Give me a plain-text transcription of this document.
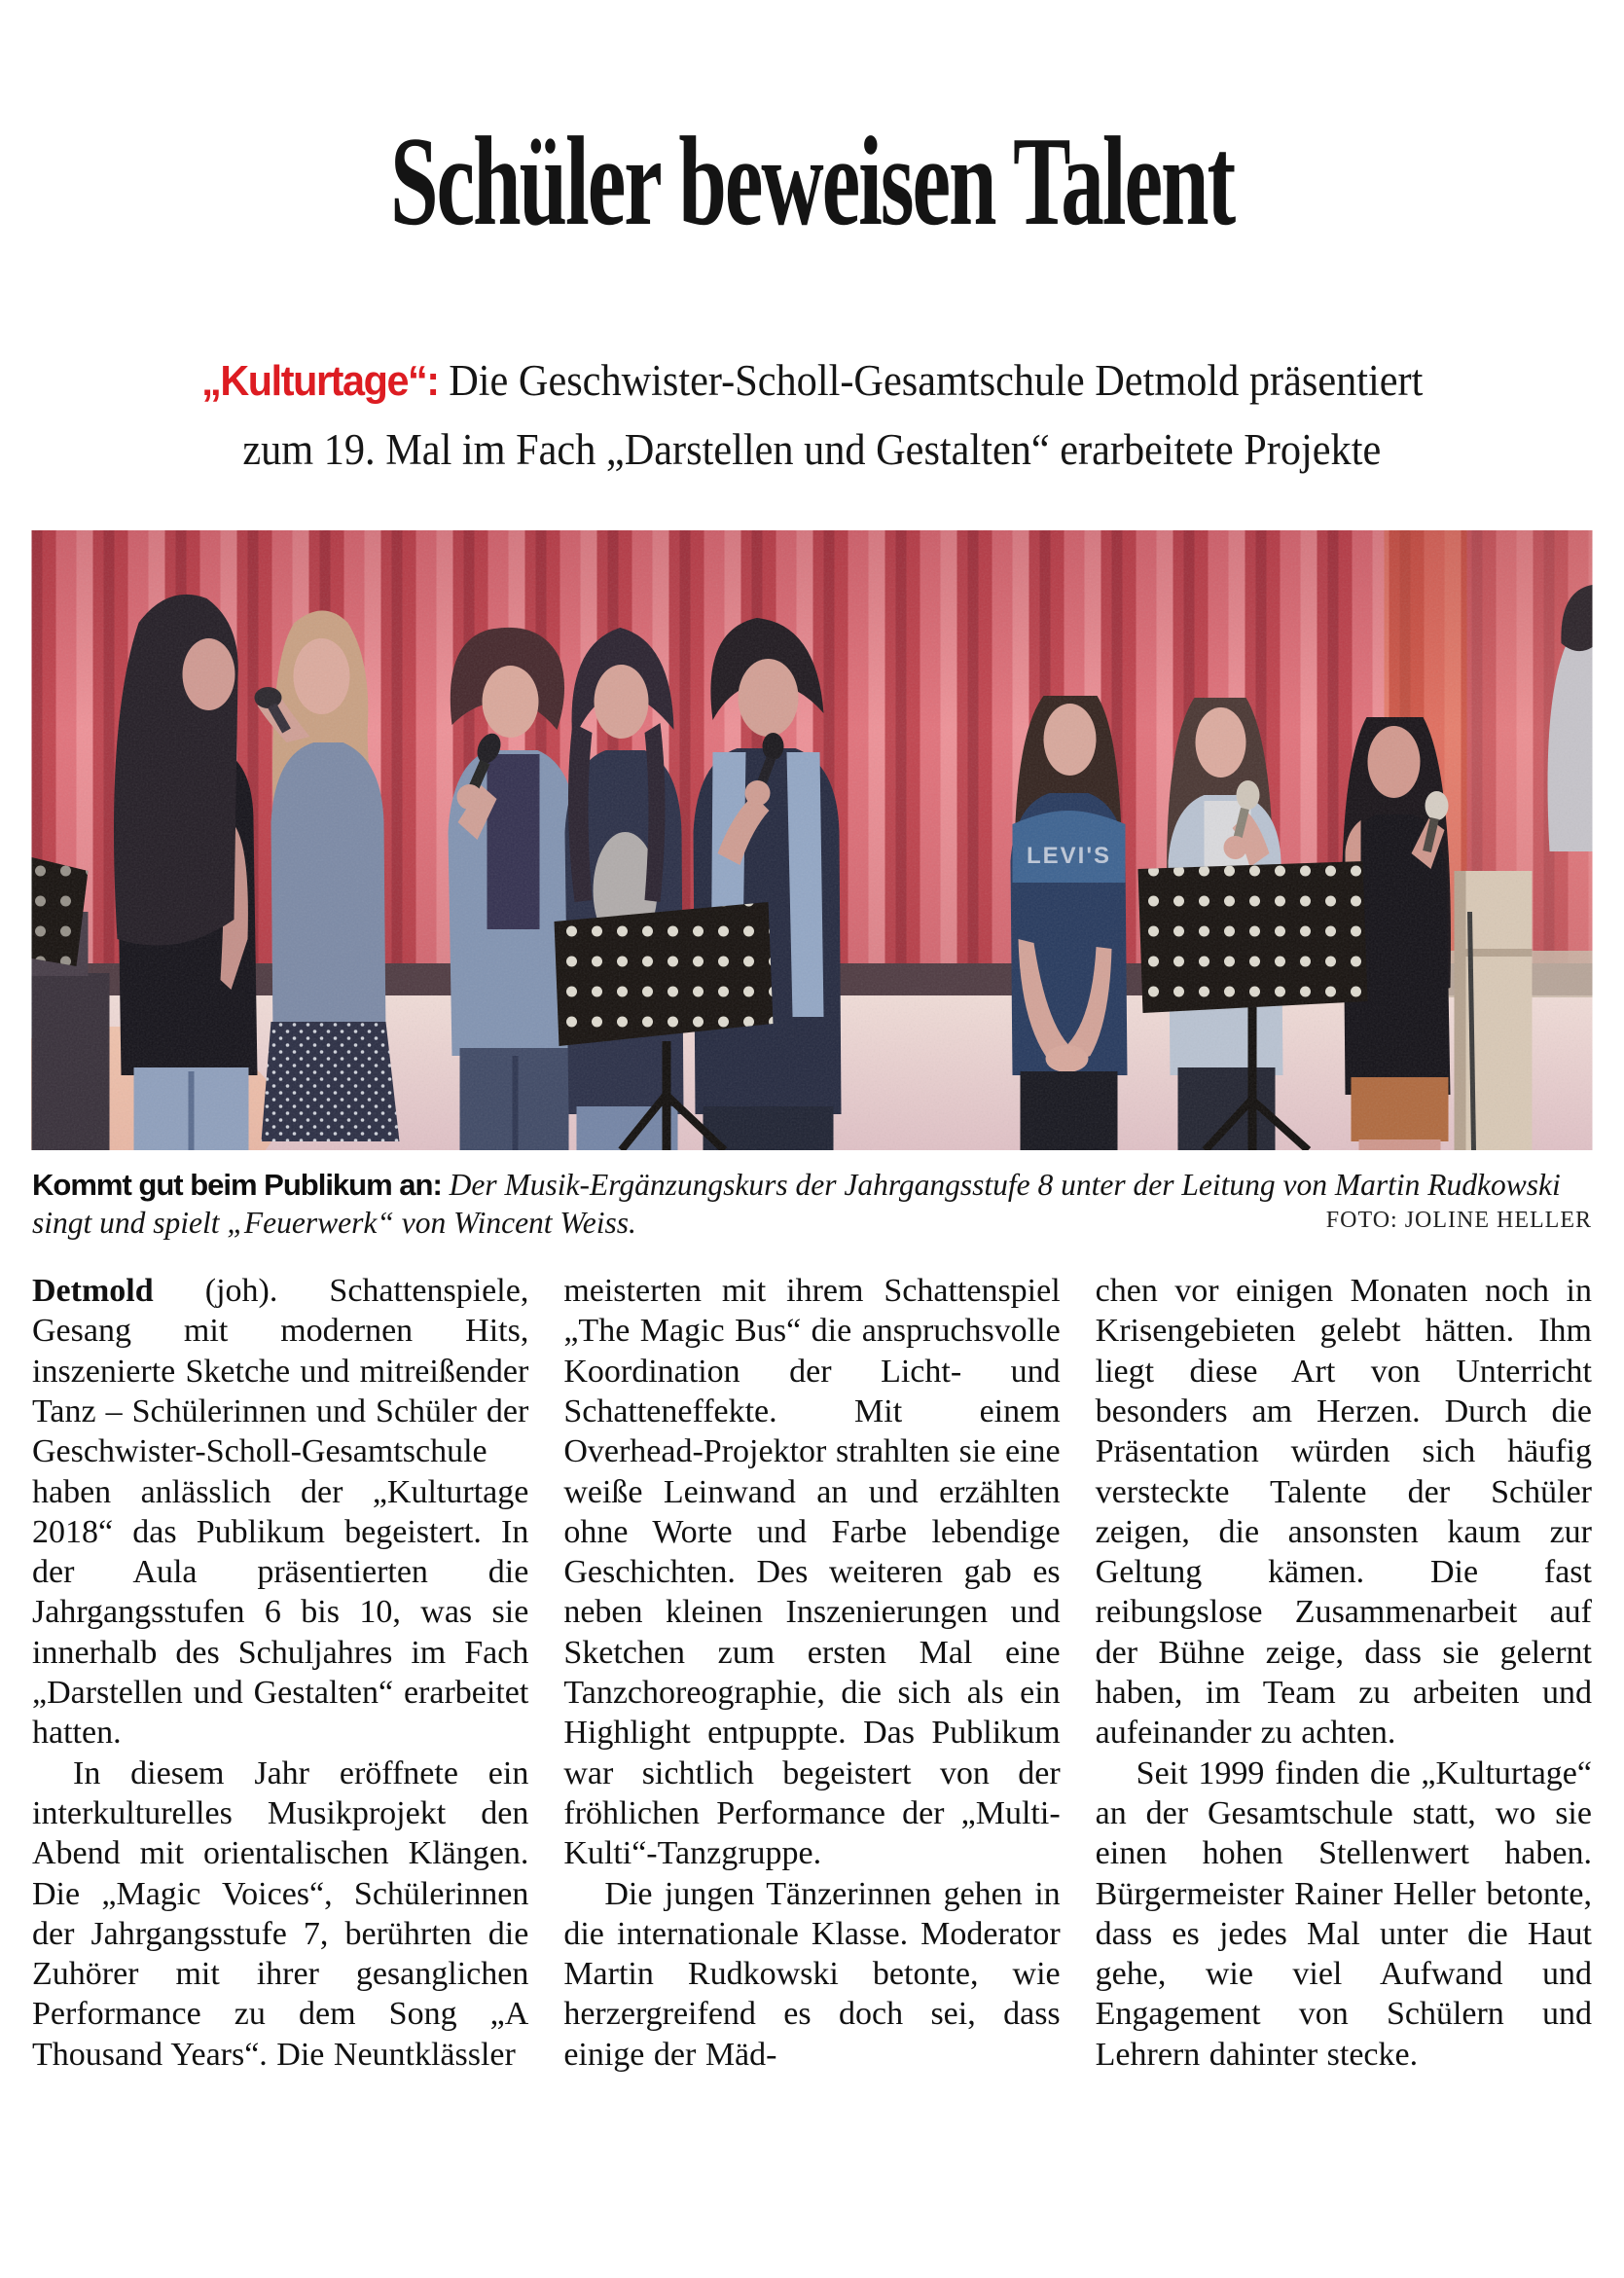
Schüler beweisen Talent
„Kulturtage“: Die Geschwister-Scholl-Gesamtschule Detmold präsentiert
zum 19. Mal im Fach „Darstellen und Gestalten“ erarbeitete Projekte
LEVI'S
Kommt gut beim Publikum an: Der Musik-Ergänzungskurs der Jahrgangsstufe 8 unter der Leitung von Martin Rudkowski singt und spielt „Feuerwerk“ von Wincent Weiss.	FOTO: JOLINE HELLER

Detmold (joh). Schattenspiele, Gesang mit modernen Hits, inszenierte Sketche und mitreißender Tanz – Schülerinnen und Schüler der Geschwister-Scholl-Gesamtschule haben anlässlich der „Kulturtage 2018“ das Publikum begeistert. In der Aula präsentierten die Jahrgangsstufen 6 bis 10, was sie innerhalb des Schuljahres im Fach „Darstellen und Gestalten“ erarbeitet hatten.

In diesem Jahr eröffnete ein interkulturelles Musikprojekt den Abend mit orientalischen Klängen. Die „Magic Voices“, Schülerinnen der Jahrgangsstufe 7, berührten die Zuhörer mit ihrer gesanglichen Performance zu dem Song „A Thousand Years“. Die Neuntklässler

meisterten mit ihrem Schattenspiel „The Magic Bus“ die anspruchsvolle Koordination der Licht- und Schatteneffekte. Mit einem Overhead-Projektor strahlten sie eine weiße Leinwand an und erzählten ohne Worte und Farbe lebendige Geschichten. Des weiteren gab es neben kleinen Inszenierungen und Sketchen zum ersten Mal eine Tanzchoreographie, die sich als ein Highlight entpuppte. Das Publikum war sichtlich begeistert von der fröhlichen Performance der „Multi-Kulti“-Tanzgruppe.

Die jungen Tänzerinnen gehen in die internationale Klasse. Moderator Martin Rudkowski betonte, wie herzergreifend es doch sei, dass einige der Mäd-

chen vor einigen Monaten noch in Krisengebieten gelebt hätten. Ihm liegt diese Art von Unterricht besonders am Herzen. Durch die Präsentation würden sich häufig versteckte Talente der Schüler zeigen, die ansonsten kaum zur Geltung kämen. Die fast reibungslose Zusammenarbeit auf der Bühne zeige, dass sie gelernt haben, im Team zu arbeiten und aufeinander zu achten.

Seit 1999 finden die „Kulturtage“ an der Gesamtschule statt, wo sie einen hohen Stellenwert haben. Bürgermeister Rainer Heller betonte, dass es jedes Mal unter die Haut gehe, wie viel Aufwand und Engagement von Schülern und Lehrern dahinter stecke.
